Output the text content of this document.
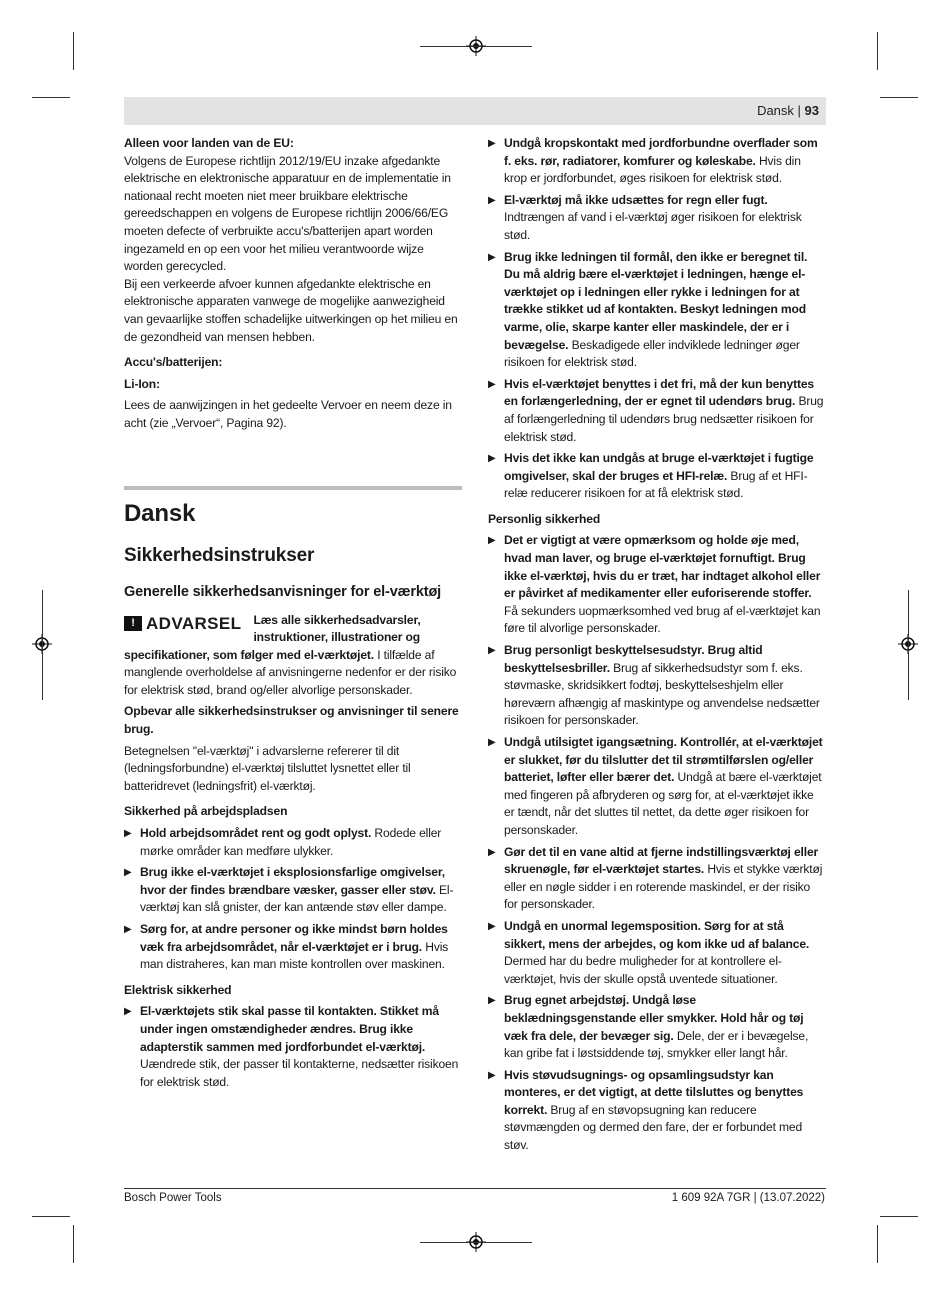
Dansk | 93

Alleen voor landen van de EU:

Volgens de Europese richtlijn 2012/19/EU inzake afgedankte elektrische en elektronische apparatuur en de implementatie in nationaal recht moeten niet meer bruikbare elektrische gereedschappen en volgens de Europese richtlijn 2006/66/EG moeten defecte of verbruikte accu's/batterijen apart worden ingezameld en op een voor het milieu verantwoorde wijze worden gerecycled.

Bij een verkeerde afvoer kunnen afgedankte elektrische en elektronische apparaten vanwege de mogelijke aanwezigheid van gevaarlijke stoffen schadelijke uitwerkingen op het milieu en de gezondheid van mensen hebben.

Accu's/batterijen:

Li-Ion:

Lees de aanwijzingen in het gedeelte Vervoer en neem deze in acht (zie „Vervoer“, Pagina 92).

Dansk
Sikkerhedsinstrukser
Generelle sikkerhedsanvisninger for el-værktøj
! ADVARSEL Læs alle sikkerhedsadvarsler, instruktioner, illustrationer og specifikationer, som følger med el-værktøjet. I tilfælde af manglende overholdelse af anvisningerne nedenfor er der risiko for elektrisk stød, brand og/eller alvorlige personskader.

Opbevar alle sikkerhedsinstrukser og anvisninger til senere brug.

Betegnelsen "el-værktøj" i advarslerne refererer til dit (ledningsforbundne) el-værktøj tilsluttet lysnettet eller til batteridrevet (ledningsfrit) el-værktøj.

Sikkerhed på arbejdspladsen

▶ Hold arbejdsområdet rent og godt oplyst. Rodede eller mørke områder kan medføre ulykker.
▶ Brug ikke el-værktøjet i eksplosionsfarlige omgivelser, hvor der findes brændbare væsker, gasser eller støv. El-værktøj kan slå gnister, der kan antænde støv eller dampe.
▶ Sørg for, at andre personer og ikke mindst børn holdes væk fra arbejdsområdet, når el-værktøjet er i brug. Hvis man distraheres, kan man miste kontrollen over maskinen.

Elektrisk sikkerhed

▶ El-værktøjets stik skal passe til kontakten. Stikket må under ingen omstændigheder ændres. Brug ikke adapterstik sammen med jordforbundet el-værktøj. Uændrede stik, der passer til kontakterne, nedsætter risikoen for elektrisk stød.
▶ Undgå kropskontakt med jordforbundne overflader som f. eks. rør, radiatorer, komfurer og køleskabe. Hvis din krop er jordforbundet, øges risikoen for elektrisk stød.
▶ El-værktøj må ikke udsættes for regn eller fugt. Indtrængen af vand i el-værktøj øger risikoen for elektrisk stød.
▶ Brug ikke ledningen til formål, den ikke er beregnet til. Du må aldrig bære el-værktøjet i ledningen, hænge el-værktøjet op i ledningen eller rykke i ledningen for at trække stikket ud af kontakten. Beskyt ledningen mod varme, olie, skarpe kanter eller maskindele, der er i bevægelse. Beskadigede eller indviklede ledninger øger risikoen for elektrisk stød.
▶ Hvis el-værktøjet benyttes i det fri, må der kun benyttes en forlængerledning, der er egnet til udendørs brug. Brug af forlængerledning til udendørs brug nedsætter risikoen for elektrisk stød.
▶ Hvis det ikke kan undgås at bruge el-værktøjet i fugtige omgivelser, skal der bruges et HFI-relæ. Brug af et HFI-relæ reducerer risikoen for at få elektrisk stød.

Personlig sikkerhed

▶ Det er vigtigt at være opmærksom og holde øje med, hvad man laver, og bruge el-værktøjet fornuftigt. Brug ikke el-værktøj, hvis du er træt, har indtaget alkohol eller er påvirket af medikamenter eller euforiserende stoffer. Få sekunders uopmærksomhed ved brug af el-værktøjet kan føre til alvorlige personskader.
▶ Brug personligt beskyttelsesudstyr. Brug altid beskyttelsesbriller. Brug af sikkerhedsudstyr som f. eks. støvmaske, skridsikkert fodtøj, beskyttelseshjelm eller høreværn afhængig af maskintype og anvendelse nedsætter risikoen for personskader.
▶ Undgå utilsigtet igangsætning. Kontrollér, at el-værktøjet er slukket, før du tilslutter det til strømtilførslen og/eller batteriet, løfter eller bærer det. Undgå at bære el-værktøjet med fingeren på afbryderen og sørg for, at el-værktøjet ikke er tændt, når det sluttes til nettet, da dette øger risikoen for personskader.
▶ Gør det til en vane altid at fjerne indstillingsværktøj eller skruenøgle, før el-værktøjet startes. Hvis et stykke værktøj eller en nøgle sidder i en roterende maskindel, er der risiko for personskader.
▶ Undgå en unormal legemsposition. Sørg for at stå sikkert, mens der arbejdes, og kom ikke ud af balance. Dermed har du bedre muligheder for at kontrollere el-værktøjet, hvis der skulle opstå uventede situationer.
▶ Brug egnet arbejdstøj. Undgå løse beklædningsgenstande eller smykker. Hold hår og tøj væk fra dele, der bevæger sig. Dele, der er i bevægelse, kan gribe fat i løstsiddende tøj, smykker eller langt hår.
▶ Hvis støvudsugnings- og opsamlingsudstyr kan monteres, er det vigtigt, at dette tilsluttes og benyttes korrekt. Brug af en støvopsugning kan reducere støvmængden og dermed den fare, der er forbundet med støv.
Bosch Power Tools	1 609 92A 7GR | (13.07.2022)
